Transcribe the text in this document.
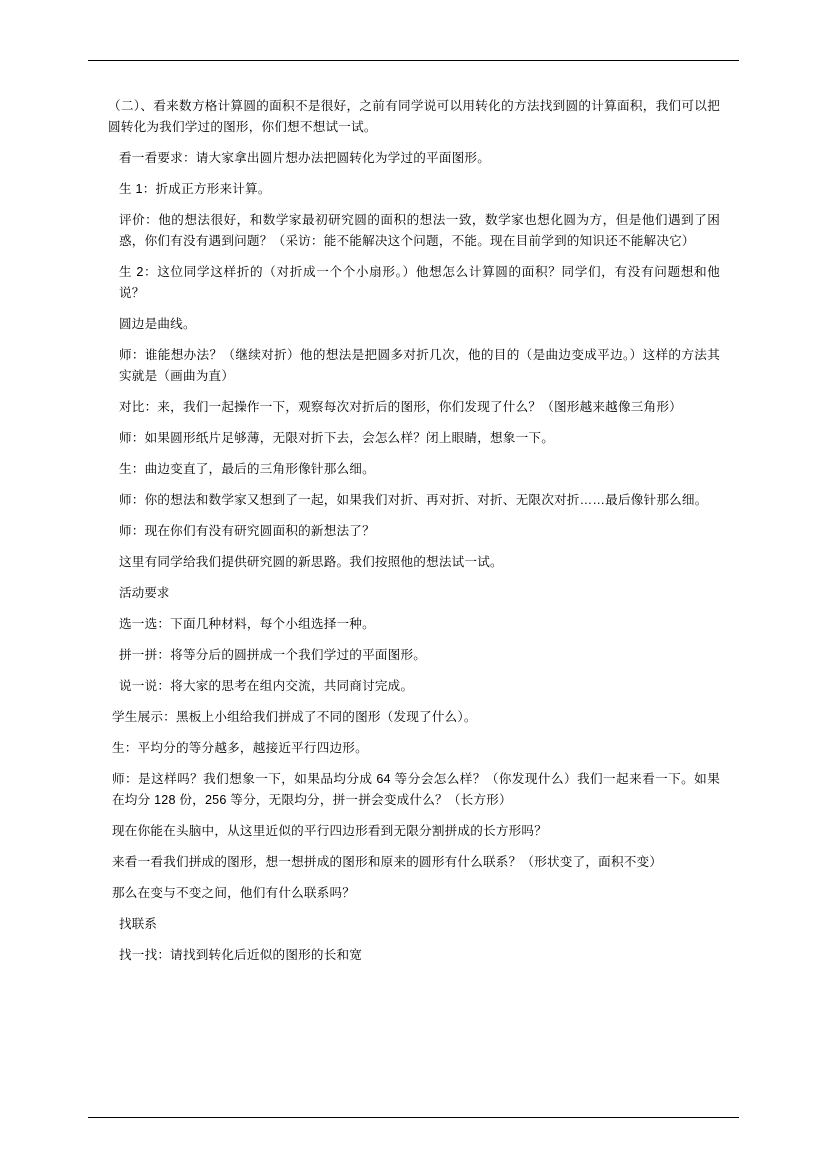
（二）、看来数方格计算圆的面积不是很好，之前有同学说可以用转化的方法找到圆的计算面积，我们可以把圆转化为我们学过的图形，你们想不想试一试。

看一看要求：请大家拿出圆片想办法把圆转化为学过的平面图形。

生 1：折成正方形来计算。

评价：他的想法很好，和数学家最初研究圆的面积的想法一致，数学家也想化圆为方，但是他们遇到了困惑，你们有没有遇到问题？（采访：能不能解决这个问题，不能。现在目前学到的知识还不能解决它）

生 2：这位同学这样折的（对折成一个个小扇形。）他想怎么计算圆的面积？同学们，有没有问题想和他说？

圆边是曲线。

师：谁能想办法？（继续对折）他的想法是把圆多对折几次，他的目的（是曲边变成平边。）这样的方法其实就是（画曲为直）

对比：来，我们一起操作一下，观察每次对折后的图形，你们发现了什么？（图形越来越像三角形）

师：如果圆形纸片足够薄，无限对折下去，会怎么样？闭上眼睛，想象一下。

生：曲边变直了，最后的三角形像针那么细。

师：你的想法和数学家又想到了一起，如果我们对折、再对折、对折、无限次对折……最后像针那么细。

师：现在你们有没有研究圆面积的新想法了？

这里有同学给我们提供研究圆的新思路。我们按照他的想法试一试。

活动要求

选一选：下面几种材料，每个小组选择一种。

拼一拼：将等分后的圆拼成一个我们学过的平面图形。

说一说：将大家的思考在组内交流，共同商讨完成。

学生展示：黑板上小组给我们拼成了不同的图形（发现了什么）。

生：平均分的等分越多，越接近平行四边形。

师：是这样吗？我们想象一下，如果品均分成 64 等分会怎么样？（你发现什么）我们一起来看一下。如果在均分 128 份，256 等分，无限均分，拼一拼会变成什么？（长方形）

现在你能在头脑中，从这里近似的平行四边形看到无限分割拼成的长方形吗？

来看一看我们拼成的图形，想一想拼成的图形和原来的圆形有什么联系？（形状变了，面积不变）

那么在变与不变之间，他们有什么联系吗？

找联系

找一找：请找到转化后近似的图形的长和宽
